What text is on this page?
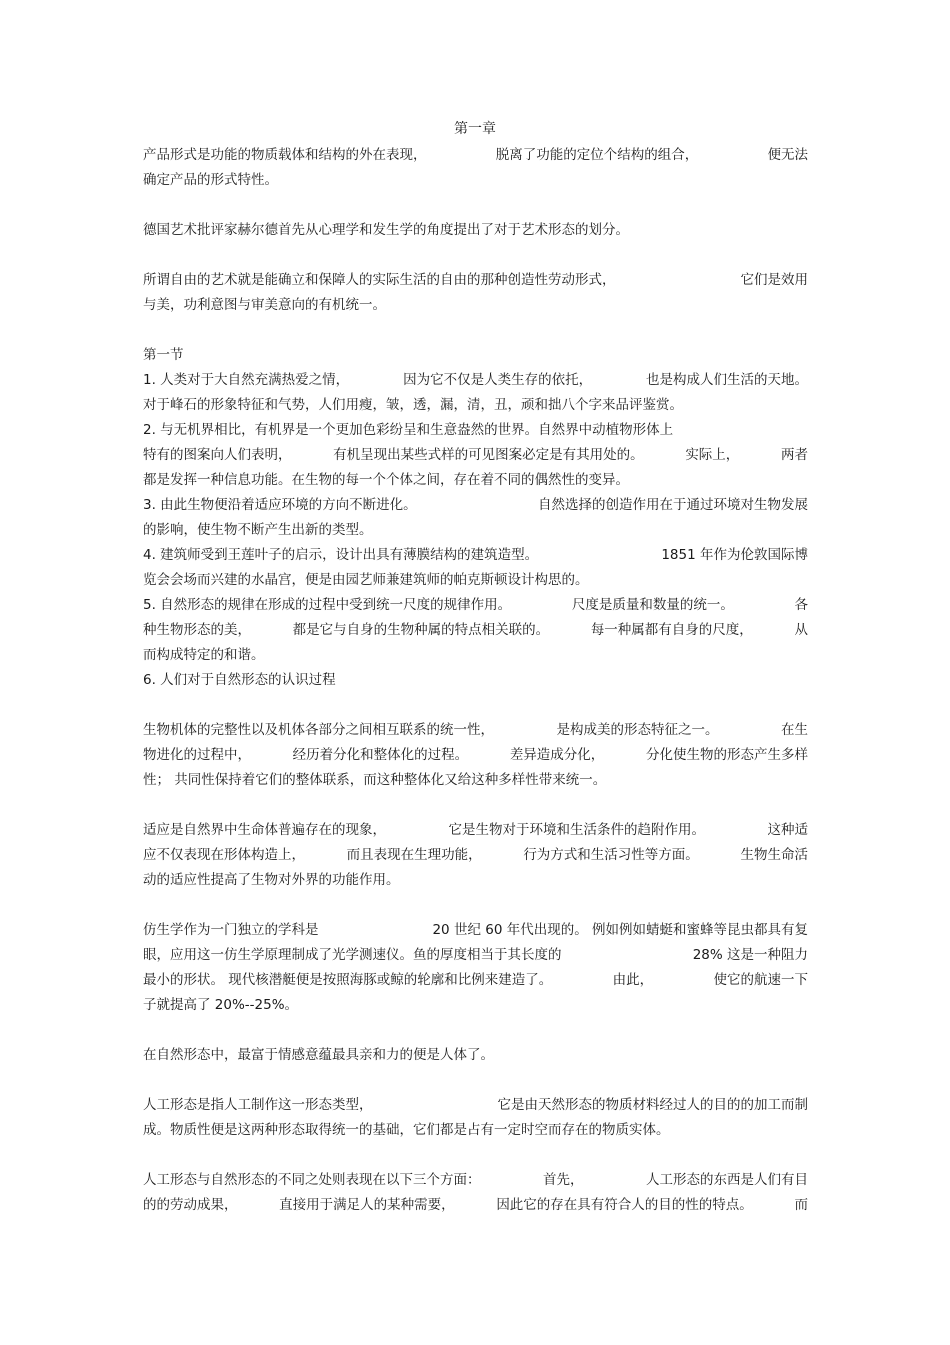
第一章
产品形式是功能的物质载体和结构的外在表现，	脱离了功能的定位个结构的组合，	便无法
确定产品的形式特性。
德国艺术批评家赫尔德首先从心理学和发生学的角度提出了对于艺术形态的划分。
所谓自由的艺术就是能确立和保障人的实际生活的自由的那种创造性劳动形式，	它们是效用
与美，功利意图与审美意向的有机统一。
第一节
1. 人类对于大自然充满热爱之情，	因为它不仅是人类生存的依托，	也是构成人们生活的天地。
对于峰石的形象特征和气势，人们用瘦，皱，透，漏，清，丑，顽和拙八个字来品评鉴赏。
2. 与无机界相比，有机界是一个更加色彩纷呈和生意盎然的世界。自然界中动植物形体上
特有的图案向人们表明，	有机呈现出某些式样的可见图案必定是有其用处的。	实际上，	两者
都是发挥一种信息功能。在生物的每一个个体之间，存在着不同的偶然性的变异。
3. 由此生物便沿着适应环境的方向不断进化。	自然选择的创造作用在于通过环境对生物发展
的影响，使生物不断产生出新的类型。
4. 建筑师受到王莲叶子的启示，设计出具有薄膜结构的建筑造型。	1851 年作为伦敦国际博
览会会场而兴建的水晶宫，便是由园艺师兼建筑师的帕克斯顿设计构思的。
5. 自然形态的规律在形成的过程中受到统一尺度的规律作用。	尺度是质量和数量的统一。	各
种生物形态的美，	都是它与自身的生物种属的特点相关联的。	每一种属都有自身的尺度，	从
而构成特定的和谐。
6. 人们对于自然形态的认识过程
生物机体的完整性以及机体各部分之间相互联系的统一性，	是构成美的形态特征之一。	在生
物进化的过程中，	经历着分化和整体化的过程。	差异造成分化，	分化使生物的形态产生多样
性； 共同性保持着它们的整体联系，而这种整体化又给这种多样性带来统一。
适应是自然界中生命体普遍存在的现象，	它是生物对于环境和生活条件的趋附作用。	这种适
应不仅表现在形体构造上，	而且表现在生理功能，	行为方式和生活习性等方面。	生物生命活
动的适应性提高了生物对外界的功能作用。
仿生学作为一门独立的学科是	20 世纪 60 年代出现的。 例如例如蜻蜓和蜜蜂等昆虫都具有复
眼，应用这一仿生学原理制成了光学测速仪。鱼的厚度相当于其长度的	28% 这是一种阻力
最小的形状。 现代核潜艇便是按照海豚或鲸的轮廓和比例来建造了。	由此，	使它的航速一下
子就提高了 20%--25%。
在自然形态中，最富于情感意蕴最具亲和力的便是人体了。
人工形态是指人工制作这一形态类型，	它是由天然形态的物质材料经过人的目的的加工而制
成。物质性便是这两种形态取得统一的基础，它们都是占有一定时空而存在的物质实体。
人工形态与自然形态的不同之处则表现在以下三个方面：	首先，	人工形态的东西是人们有目
的的劳动成果，	直接用于满足人的某种需要，	因此它的存在具有符合人的目的性的特点。	而
